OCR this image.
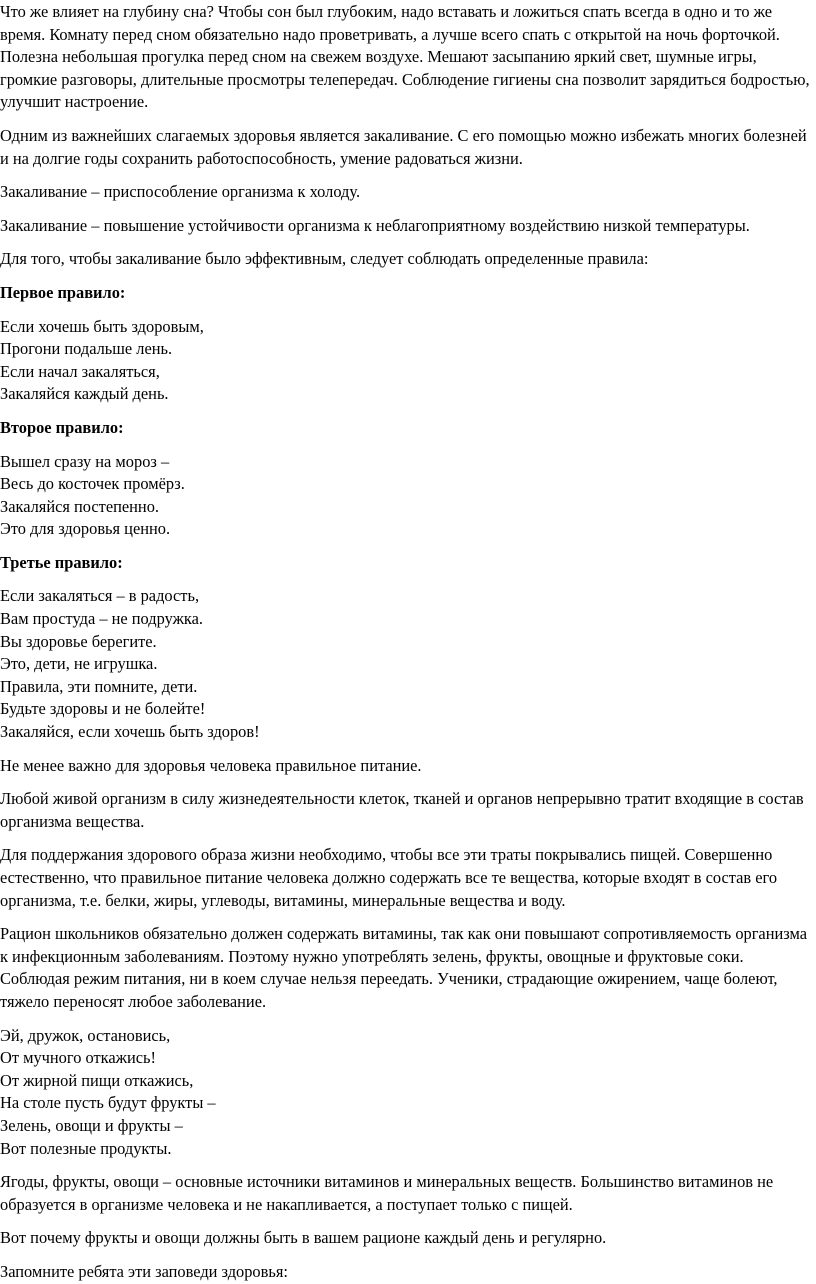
Что же влияет на глубину сна? Чтобы сон был глубоким, надо вставать и ложиться спать всегда в одно и то же время. Комнату перед сном обязательно надо проветривать, а лучше всего спать с открытой на ночь форточкой. Полезна небольшая прогулка перед сном на свежем воздухе. Мешают засыпанию яркий свет, шумные игры, громкие разговоры, длительные просмотры телепередач. Соблюдение гигиены сна позволит зарядиться бодростью, улучшит настроение.

Одним из важнейших слагаемых здоровья является закаливание. С его помощью можно избежать многих болезней и на долгие годы сохранить работоспособность, умение радоваться жизни.

Закаливание – приспособление организма к холоду.

Закаливание – повышение устойчивости организма к неблагоприятному воздействию низкой температуры.

Для того, чтобы закаливание было эффективным, следует соблюдать определенные правила:

Первое правило:

Если хочешь быть здоровым,
Прогони подальше лень.
Если начал закаляться,
Закаляйся каждый день.

Второе правило:

Вышел сразу на мороз –
Весь до косточек промёрз.
Закаляйся постепенно.
Это для здоровья ценно.

Третье правило:

Если закаляться – в радость,
Вам простуда – не подружка.
Вы здоровье берегите.
Это, дети, не игрушка.
Правила, эти помните, дети.
Будьте здоровы и не болейте!
Закаляйся, если хочешь быть здоров!

Не менее важно для здоровья человека правильное питание.

Любой живой организм в силу жизнедеятельности клеток, тканей и органов непрерывно тратит входящие в состав организма вещества.

Для поддержания здорового образа жизни необходимо, чтобы все эти траты покрывались пищей. Совершенно естественно, что правильное питание человека должно содержать все те вещества, которые входят в состав его организма, т.е. белки, жиры, углеводы, витамины, минеральные вещества и воду.

Рацион школьников обязательно должен содержать витамины, так как они повышают сопротивляемость организма к инфекционным заболеваниям. Поэтому нужно употреблять зелень, фрукты, овощные и фруктовые соки. Соблюдая режим питания, ни в коем случае нельзя переедать. Ученики, страдающие ожирением, чаще болеют, тяжело переносят любое заболевание.

Эй, дружок, остановись,
От мучного откажись!
От жирной пищи откажись,
На столе пусть будут фрукты –
Зелень, овощи и фрукты –
Вот полезные продукты.

Ягоды, фрукты, овощи – основные источники витаминов и минеральных веществ. Большинство витаминов не образуется в организме человека и не накапливается, а поступает только с пищей.

Вот почему фрукты и овощи должны быть в вашем рационе каждый день и регулярно.

Запомните ребята эти заповеди здоровья:
